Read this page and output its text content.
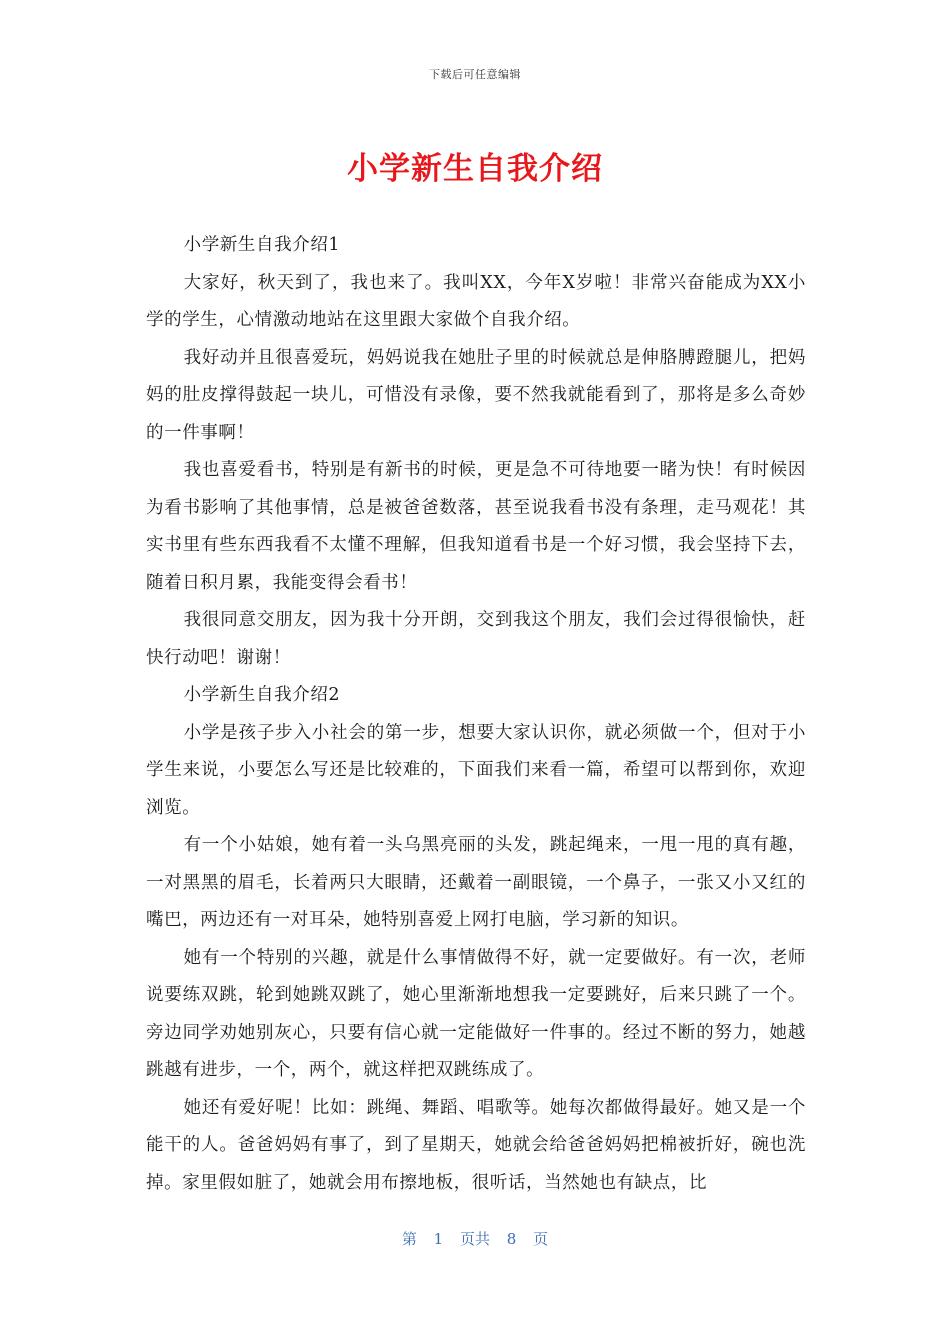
下载后可任意编辑
小学新生自我介绍

小学新生自我介绍1

大家好，秋天到了，我也来了。我叫XX，今年X岁啦！非常兴奋能成为XX小学的学生，心情激动地站在这里跟大家做个自我介绍。

我好动并且很喜爱玩，妈妈说我在她肚子里的时候就总是伸胳膊蹬腿儿，把妈妈的肚皮撑得鼓起一块儿，可惜没有录像，要不然我就能看到了，那将是多么奇妙的一件事啊！

我也喜爱看书，特别是有新书的时候，更是急不可待地要一睹为快！有时候因为看书影响了其他事情，总是被爸爸数落，甚至说我看书没有条理，走马观花！其实书里有些东西我看不太懂不理解，但我知道看书是一个好习惯，我会坚持下去，随着日积月累，我能变得会看书！

我很同意交朋友，因为我十分开朗，交到我这个朋友，我们会过得很愉快，赶快行动吧！谢谢！

小学新生自我介绍2

小学是孩子步入小社会的第一步，想要大家认识你，就必须做一个，但对于小学生来说，小要怎么写还是比较难的，下面我们来看一篇，希望可以帮到你，欢迎浏览。

有一个小姑娘，她有着一头乌黑亮丽的头发，跳起绳来，一甩一甩的真有趣，一对黑黑的眉毛，长着两只大眼睛，还戴着一副眼镜，一个鼻子，一张又小又红的嘴巴，两边还有一对耳朵，她特别喜爱上网打电脑，学习新的知识。

她有一个特别的兴趣，就是什么事情做得不好，就一定要做好。有一次，老师说要练双跳，轮到她跳双跳了，她心里渐渐地想我一定要跳好，后来只跳了一个。旁边同学劝她别灰心，只要有信心就一定能做好一件事的。经过不断的努力，她越跳越有进步，一个，两个，就这样把双跳练成了。

她还有爱好呢！比如：跳绳、舞蹈、唱歌等。她每次都做得最好。她又是一个能干的人。爸爸妈妈有事了，到了星期天，她就会给爸爸妈妈把棉被折好，碗也洗掉。家里假如脏了，她就会用布擦地板，很听话，当然她也有缺点，比

第 1 页共 8 页
